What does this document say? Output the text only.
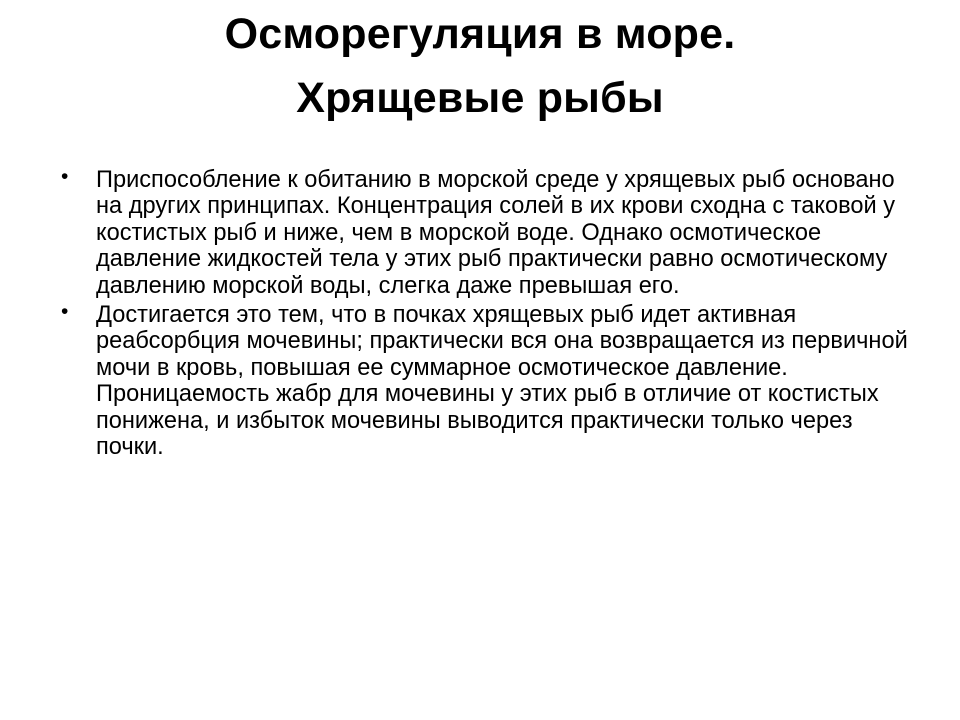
Осморегуляция в море.
Хрящевые рыбы
• Приспособление к обитанию в морской среде у хрящевых рыб основано на других принципах. Концентрация солей в их крови сходна с таковой у костистых рыб и ниже, чем в морской воде. Однако осмотическое давление жидкостей тела у этих рыб практически равно осмотическому давлению морской воды, слегка даже превышая его.
• Достигается это тем, что в почках хрящевых рыб идет активная реабсорбция мочевины; практически вся она возвращается из первичной мочи в кровь, повышая ее суммарное осмотическое давление. Проницаемость жабр для мочевины у этих рыб в отличие от костистых понижена, и избыток мочевины выводится практически только через почки.
